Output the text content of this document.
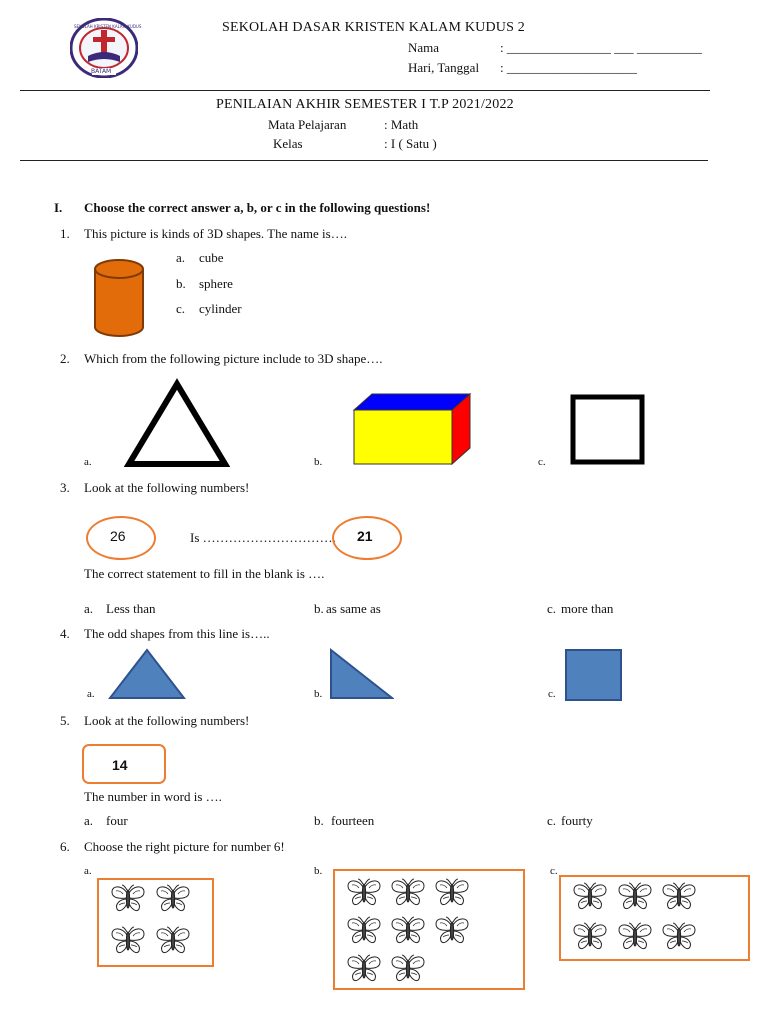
SEKOLAH KRISTEN KALAM KUDUS
BATAM
SEKOLAH DASAR KRISTEN KALAM KUDUS 2
Nama	: ________________ ___ __________
Hari, Tanggal : ____________________
PENILAIAN AKHIR SEMESTER I T.P 2021/2022
Mata Pelajaran	: Math
Kelas	: I ( Satu )
I. Choose the correct answer a, b, or c in the following questions!
1. This picture is kinds of 3D shapes. The name is….
a. cube
b. sphere
c. cylinder
2. Which from the following picture include to 3D shape….
a.	b.	c.
3. Look at the following numbers!
26	Is …………………………. 21
The correct statement to fill in the blank is ….
a. Less than	b. as same as	c. more than
4. The odd shapes from this line is…..
a.	b.	c.
5. Look at the following numbers!
14
The number in word is ….
a. four	b. fourteen	c. fourty
6. Choose the right picture for number 6!
a.	b.	c.
